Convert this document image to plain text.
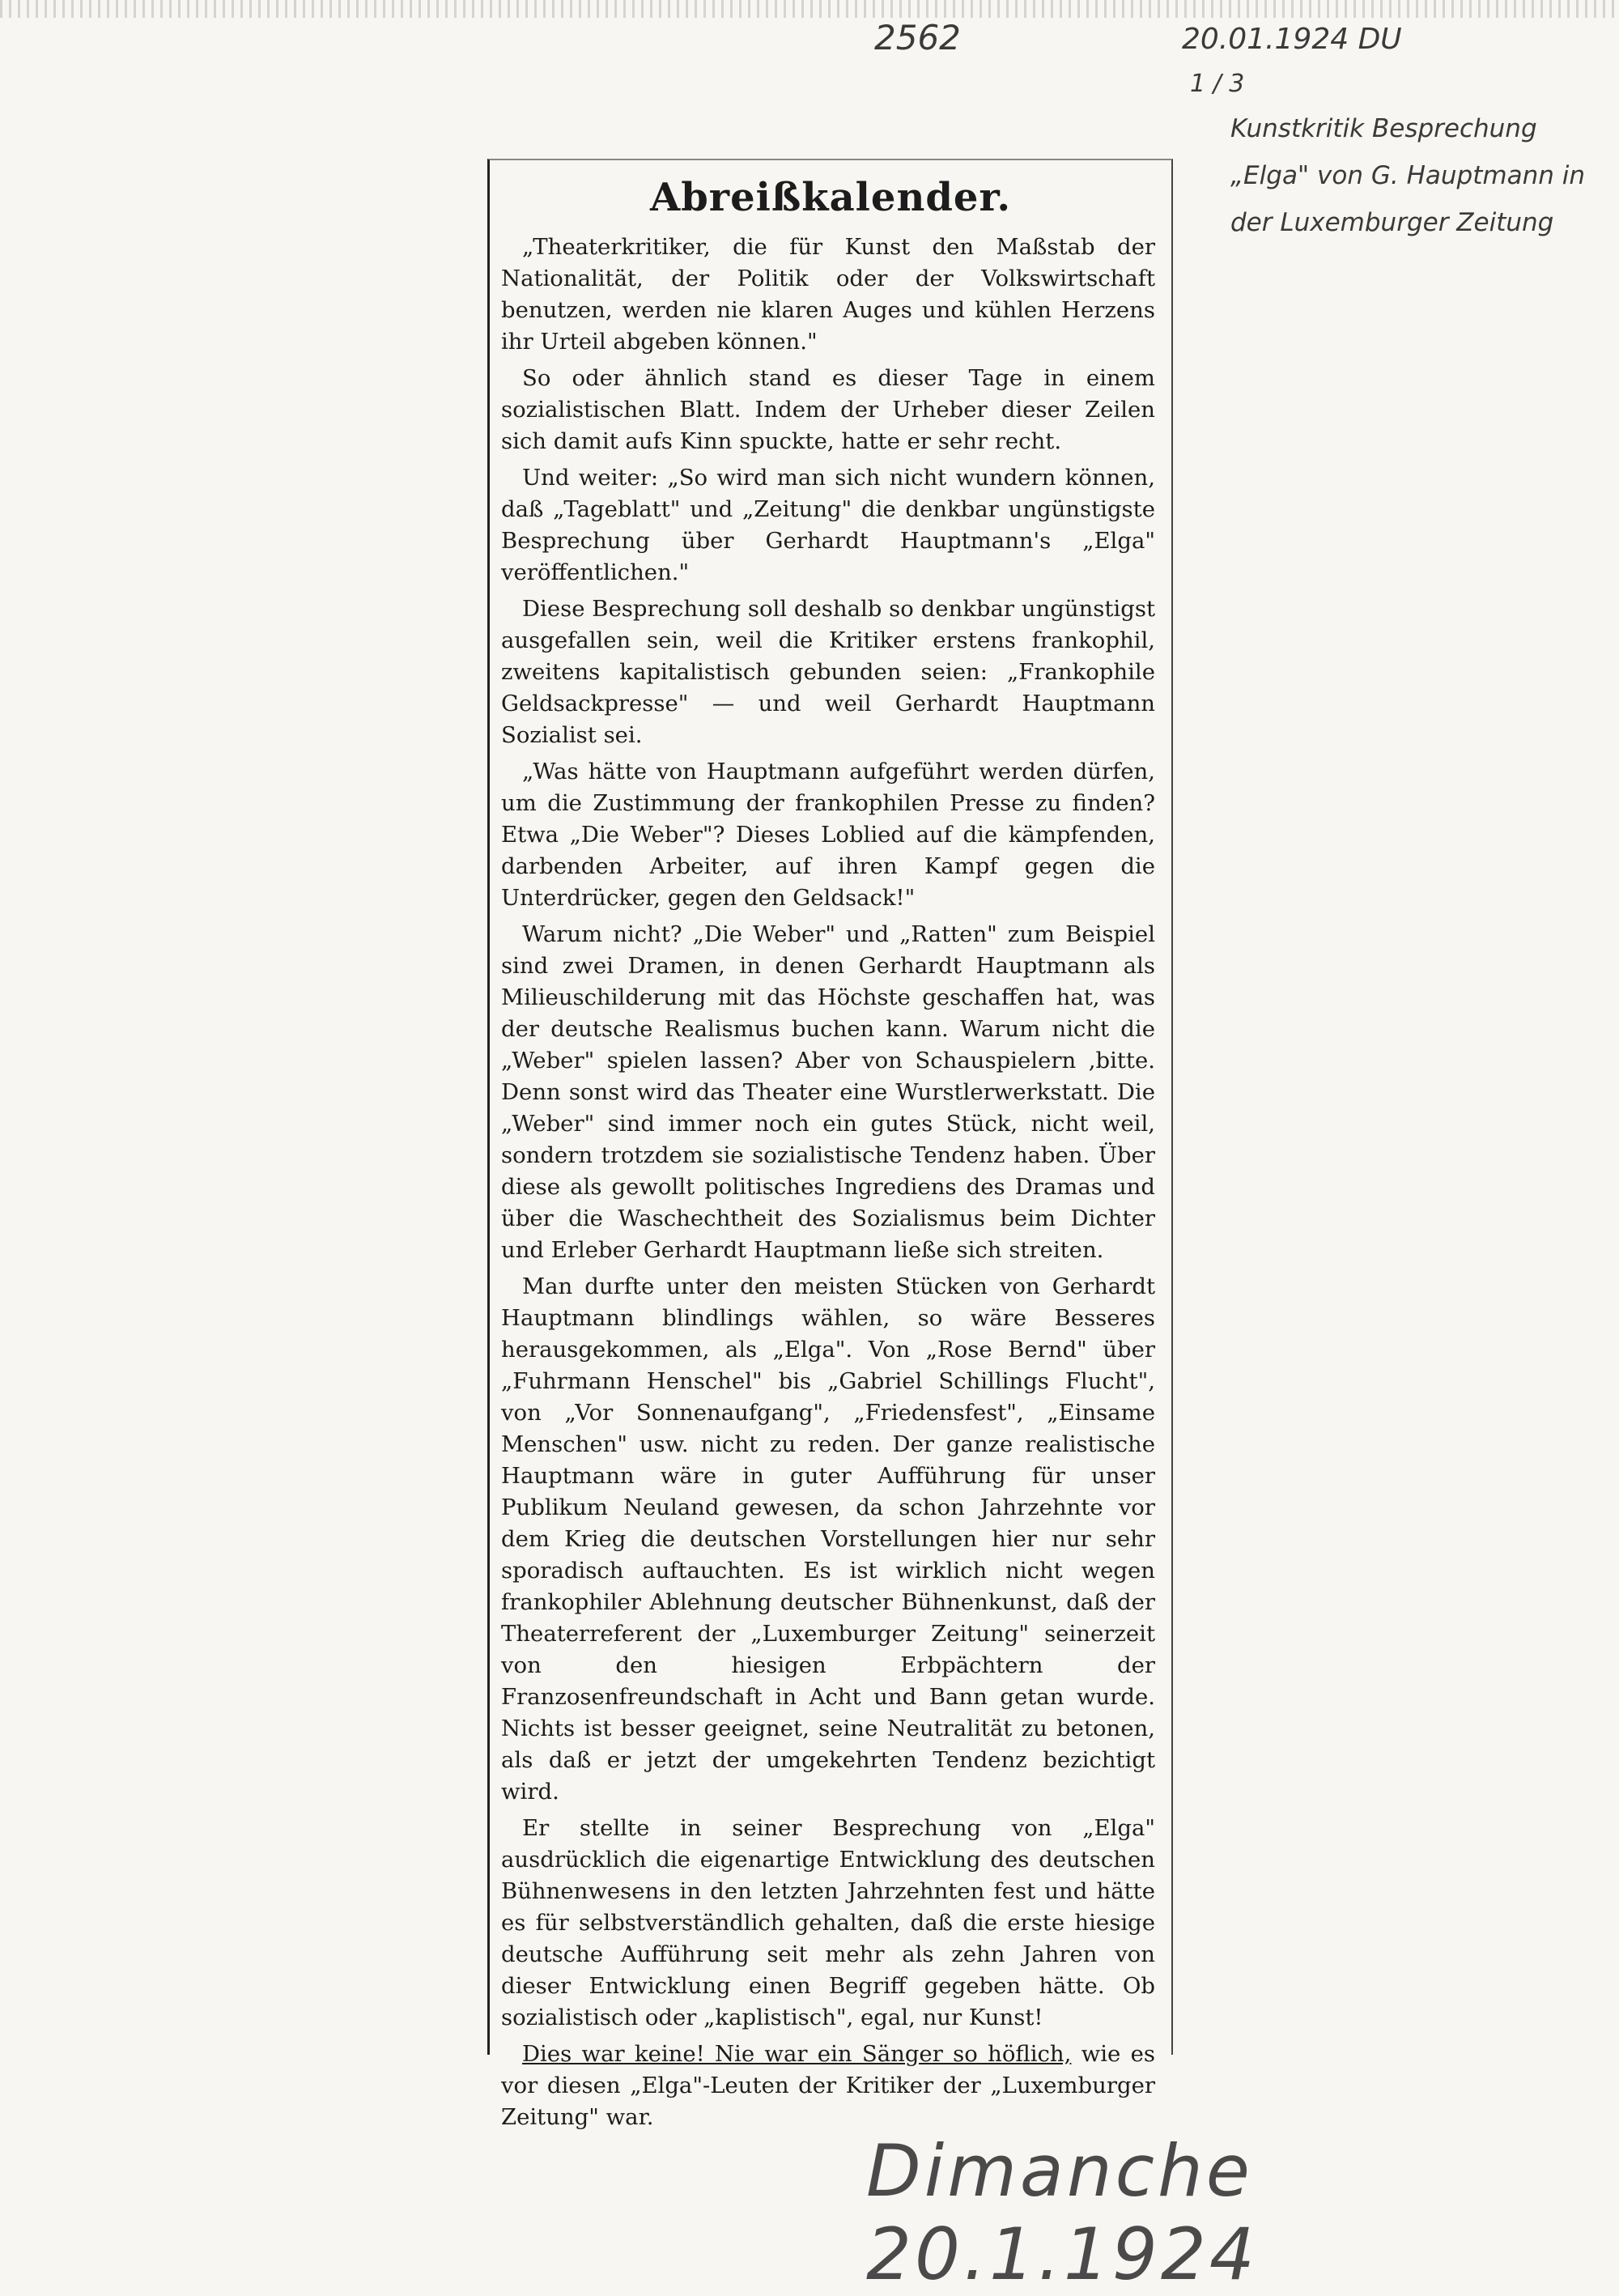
2562	20.01.1924 DU
1 / 3
Kunstkritik Besprechung „Elga" von G. Hauptmann in der Luxemburger Zeitung
Abreißkalender.

„Theaterkritiker, die für Kunst den Maßstab der Nationalität, der Politik oder der Volkswirtschaft benutzen, werden nie klaren Auges und kühlen Herzens ihr Urteil abgeben können."

So oder ähnlich stand es dieser Tage in einem sozialistischen Blatt. Indem der Urheber dieser Zeilen sich damit aufs Kinn spuckte, hatte er sehr recht.

Und weiter: „So wird man sich nicht wundern können, daß „Tageblatt" und „Zeitung" die denkbar ungünstigste Besprechung über Gerhardt Hauptmann's „Elga" veröffentlichen."

Diese Besprechung soll deshalb so denkbar ungünstigst ausgefallen sein, weil die Kritiker erstens frankophil, zweitens kapitalistisch gebunden seien: „Frankophile Geldsackpresse" — und weil Gerhardt Hauptmann Sozialist sei.

„Was hätte von Hauptmann aufgeführt werden dürfen, um die Zustimmung der frankophilen Presse zu finden? Etwa „Die Weber"? Dieses Loblied auf die kämpfenden, darbenden Arbeiter, auf ihren Kampf gegen die Unterdrücker, gegen den Geldsack!"

Warum nicht? „Die Weber" und „Ratten" zum Beispiel sind zwei Dramen, in denen Gerhardt Hauptmann als Milieuschilderung mit das Höchste geschaffen hat, was der deutsche Realismus buchen kann. Warum nicht die „Weber" spielen lassen? Aber von Schauspielern ,bitte. Denn sonst wird das Theater eine Wurstlerwerkstatt. Die „Weber" sind immer noch ein gutes Stück, nicht weil, sondern trotzdem sie sozialistische Tendenz haben. Über diese als gewollt politisches Ingrediens des Dramas und über die Waschechtheit des Sozialismus beim Dichter und Erleber Gerhardt Hauptmann ließe sich streiten.

Man durfte unter den meisten Stücken von Gerhardt Hauptmann blindlings wählen, so wäre Besseres herausgekommen, als „Elga". Von „Rose Bernd" über „Fuhrmann Henschel" bis „Gabriel Schillings Flucht", von „Vor Sonnenaufgang", „Friedensfest", „Einsame Menschen" usw. nicht zu reden. Der ganze realistische Hauptmann wäre in guter Aufführung für unser Publikum Neuland gewesen, da schon Jahrzehnte vor dem Krieg die deutschen Vorstellungen hier nur sehr sporadisch auftauchten. Es ist wirklich nicht wegen frankophiler Ablehnung deutscher Bühnenkunst, daß der Theaterreferent der „Luxemburger Zeitung" seinerzeit von den hiesigen Erbpächtern der Franzosenfreundschaft in Acht und Bann getan wurde. Nichts ist besser geeignet, seine Neutralität zu betonen, als daß er jetzt der umgekehrten Tendenz bezichtigt wird.

Er stellte in seiner Besprechung von „Elga" ausdrücklich die eigenartige Entwicklung des deutschen Bühnenwesens in den letzten Jahrzehnten fest und hätte es für selbstverständlich gehalten, daß die erste hiesige deutsche Aufführung seit mehr als zehn Jahren von dieser Entwicklung einen Begriff gegeben hätte. Ob sozialistisch oder „kaplistisch", egal, nur Kunst!

Dies war keine! Nie war ein Sänger so höflich, wie es vor diesen „Elga"-Leuten der Kritiker der „Luxemburger Zeitung" war.

Dimanche 20.1.1924
